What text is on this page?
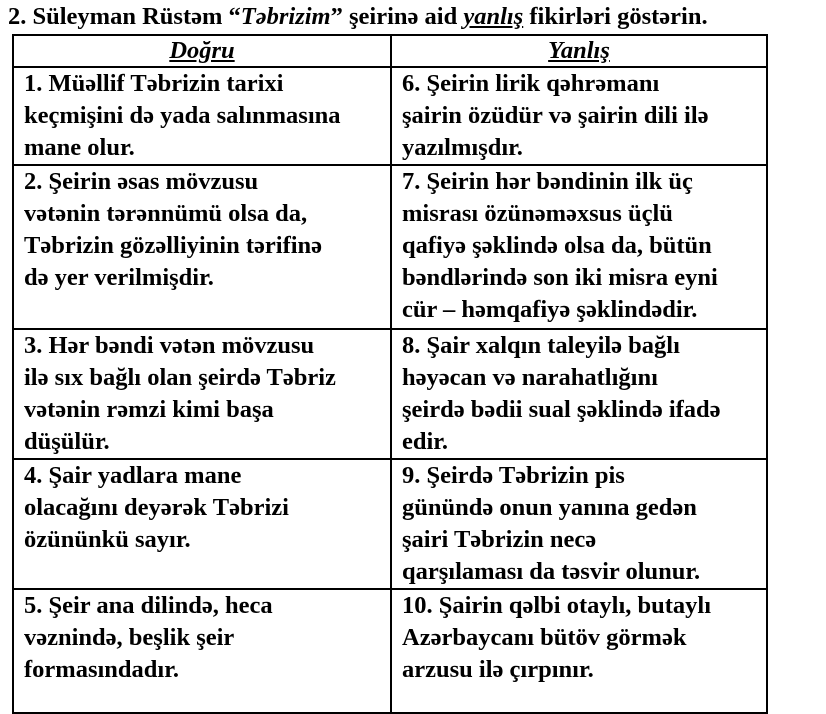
2. Süleyman Rüstəm “Təbrizim” şeirinə aid yanlış fikirləri göstərin.
Doğru	Yanlış

1. Müəllif Təbrizin tarixi
keçmişini də yada salınmasına
mane olur.	6. Şeirin lirik qəhrəmanı
şairin özüdür və şairin dili ilə
yazılmışdır.

2. Şeirin əsas mövzusu
vətənin tərənnümü olsa da,
Təbrizin gözəlliyinin tərifinə
də yer verilmişdir.	7. Şeirin hər bəndinin ilk üç
misrası özünəməxsus üçlü
qafiyə şəklində olsa da, bütün
bəndlərində son iki misra eyni
cür – həmqafiyə şəklindədir.

3. Hər bəndi vətən mövzusu
ilə sıx bağlı olan şeirdə Təbriz
vətənin rəmzi kimi başa
düşülür.	8. Şair xalqın taleyilə bağlı
həyəcan və narahatlığını
şeirdə bədii sual şəklində ifadə
edir.

4. Şair yadlara mane
olacağını deyərək Təbrizi
özününkü sayır.	9. Şeirdə Təbrizin pis
günündə onun yanına gedən
şairi Təbrizin necə
qarşılaması da təsvir olunur.

5. Şeir ana dilində, heca
vəznində, beşlik şeir
formasındadır.	10. Şairin qəlbi otaylı, butaylı
Azərbaycanı bütöv görmək
arzusu ilə çırpınır.
